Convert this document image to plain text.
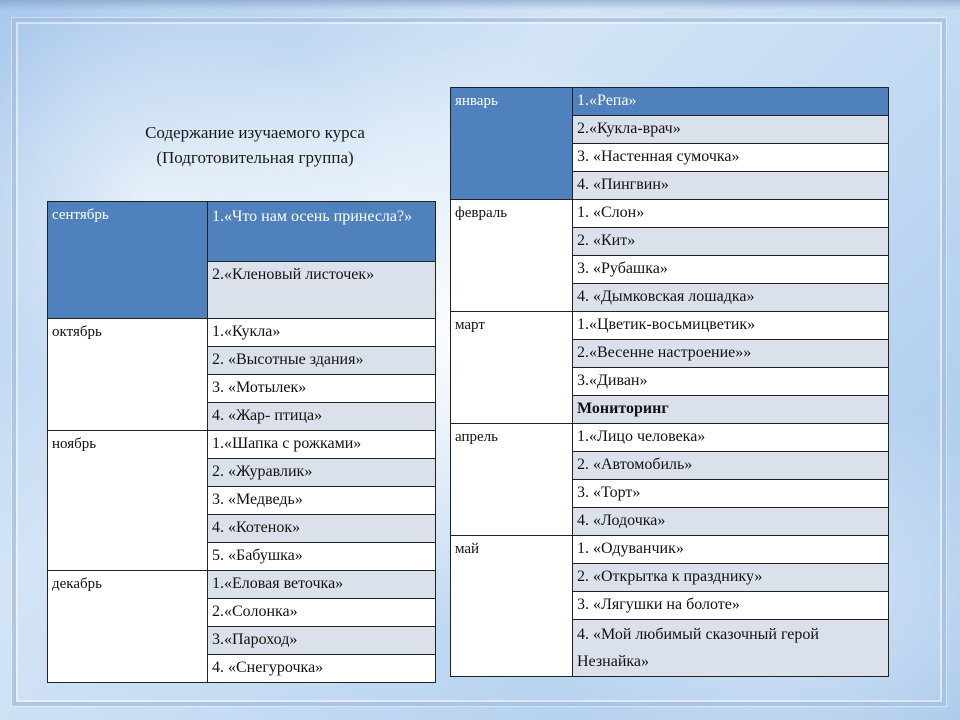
Содержание изучаемого курса
(Подготовительная группа)
сентябрь	1.«Что нам осень принесла?»
	2.«Кленовый листочек»
октябрь	1.«Кукла»
	2. «Высотные здания»
	3. «Мотылек»
	4. «Жар- птица»
ноябрь	1.«Шапка с рожками»
	2. «Журавлик»
	3. «Медведь»
	4. «Котенок»
	5. «Бабушка»
декабрь	1.«Еловая веточка»
	2.«Солонка»
	3.«Пароход»
	4. «Снегурочка»
январь	1.«Репа»
	2.«Кукла-врач»
	3. «Настенная сумочка»
	4. «Пингвин»
февраль	1. «Слон»
	2. «Кит»
	3. «Рубашка»
	4. «Дымковская лошадка»
март	1.«Цветик-восьмицветик»
	2.«Весенне настроение»»
	3.«Диван»
	Мониторинг
апрель	1.«Лицо человека»
	2. «Автомобиль»
	3. «Торт»
	4. «Лодочка»
май	1. «Одуванчик»
	2. «Открытка к празднику»
	3. «Лягушки на болоте»
	4. «Мой любимый сказочный герой Незнайка»
